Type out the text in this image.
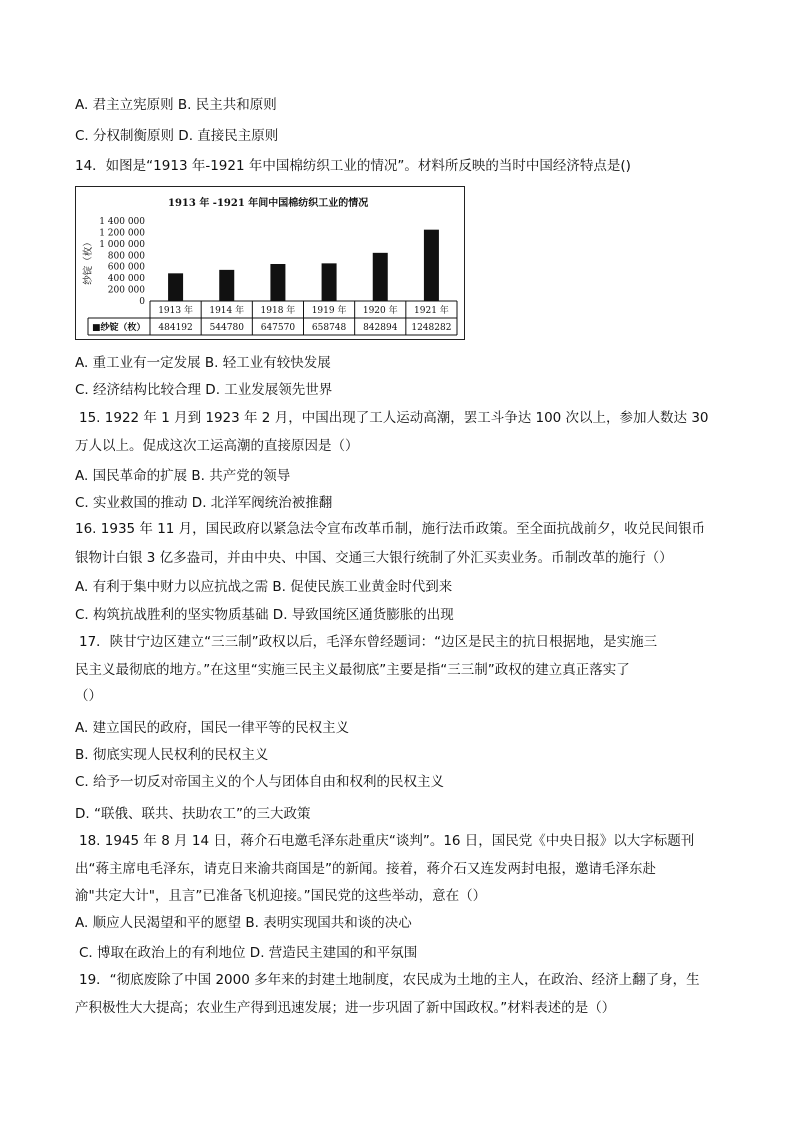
A. 君主立宪原则 B. 民主共和原则
C. 分权制衡原则 D. 直接民主原则
14．如图是“1913 年-1921 年中国棉纺织工业的情况”。材料所反映的当时中国经济特点是()
1913 年 -1921 年间中国棉纺织工业的情况
1 400 000
1 200 000
1 000 000
800 000
600 000
400 000
200 000
0
纱锭（枚）
■纱锭（枚）
1913 年
484192
1914 年
544780
1918 年
647570
1919 年
658748
1920 年
842894
1921 年
1248282
A. 重工业有一定发展 B. 轻工业有较快发展
C. 经济结构比较合理 D. 工业发展领先世界
15. 1922 年 1 月到 1923 年 2 月，中国出现了工人运动高潮，罢工斗争达 100 次以上，参加人数达 30
万人以上。促成这次工运高潮的直接原因是（）
A. 国民革命的扩展 B. 共产党的领导
C. 实业救国的推动 D. 北洋军阀统治被推翻
16. 1935 年 11 月，国民政府以紧急法令宣布改革币制，施行法币政策。至全面抗战前夕，收兑民间银币
银物计白银 3 亿多盎司，并由中央、中国、交通三大银行统制了外汇买卖业务。币制改革的施行（）
A. 有利于集中财力以应抗战之需 B. 促使民族工业黄金时代到来
C. 构筑抗战胜利的坚实物质基础 D. 导致国统区通货膨胀的出现
17．陕甘宁边区建立“三三制”政权以后，毛泽东曾经题词：“边区是民主的抗日根据地，是实施三
民主义最彻底的地方。”在这里“实施三民主义最彻底”主要是指“三三制”政权的建立真正落实了
（）
A. 建立国民的政府，国民一律平等的民权主义
B. 彻底实现人民权利的民权主义
C. 给予一切反对帝国主义的个人与团体自由和权利的民权主义
D. “联俄、联共、扶助农工”的三大政策
18. 1945 年 8 月 14 日，蒋介石电邀毛泽东赴重庆“谈判”。16 日，国民党《中央日报》以大字标题刊
出“蒋主席电毛泽东，请克日来渝共商国是”的新闻。接着，蒋介石又连发两封电报，邀请毛泽东赴
渝"共定大计"，且言”已准备飞机迎接。”国民党的这些举动，意在（）
A. 顺应人民渴望和平的愿望 B. 表明实现国共和谈的决心
C. 博取在政治上的有利地位 D. 营造民主建国的和平氛围
19．“彻底废除了中国 2000 多年来的封建土地制度，农民成为土地的主人，在政治、经济上翻了身，生
产积极性大大提高；农业生产得到迅速发展；进一步巩固了新中国政权。”材料表述的是（）
